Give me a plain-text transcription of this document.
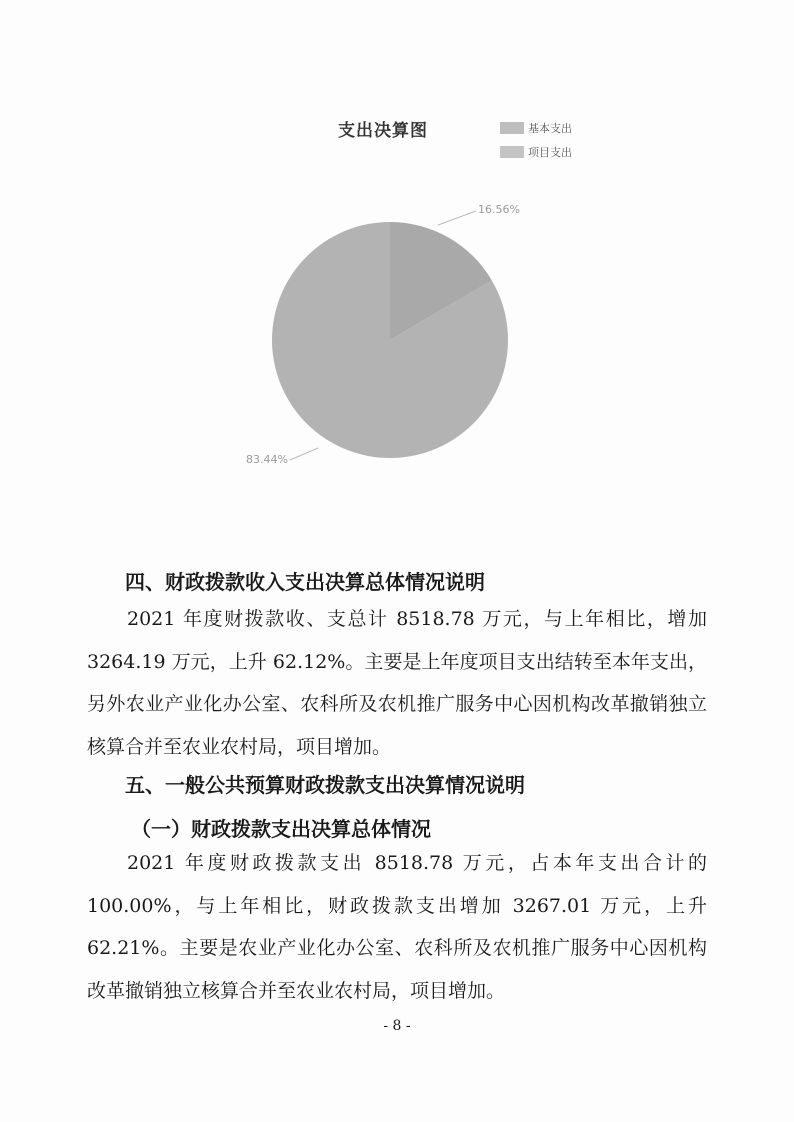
支出决算图	基本支出
项目支出
16.56%
83.44%
四、财政拨款收入支出决算总体情况说明
2021 年度财拨款收、支总计 8518.78 万元，与上年相比，增加 3264.19 万元，上升 62.12%。主要是上年度项目支出结转至本年支出，另外农业产业化办公室、农科所及农机推广服务中心因机构改革撤销独立核算合并至农业农村局，项目增加。
五、一般公共预算财政拨款支出决算情况说明
（一）财政拨款支出决算总体情况
2021 年度财政拨款支出 8518.78 万元，占本年支出合计的 100.00%，与上年相比，财政拨款支出增加 3267.01 万元，上升 62.21%。主要是农业产业化办公室、农科所及农机推广服务中心因机构改革撤销独立核算合并至农业农村局，项目增加。
- 8 -
